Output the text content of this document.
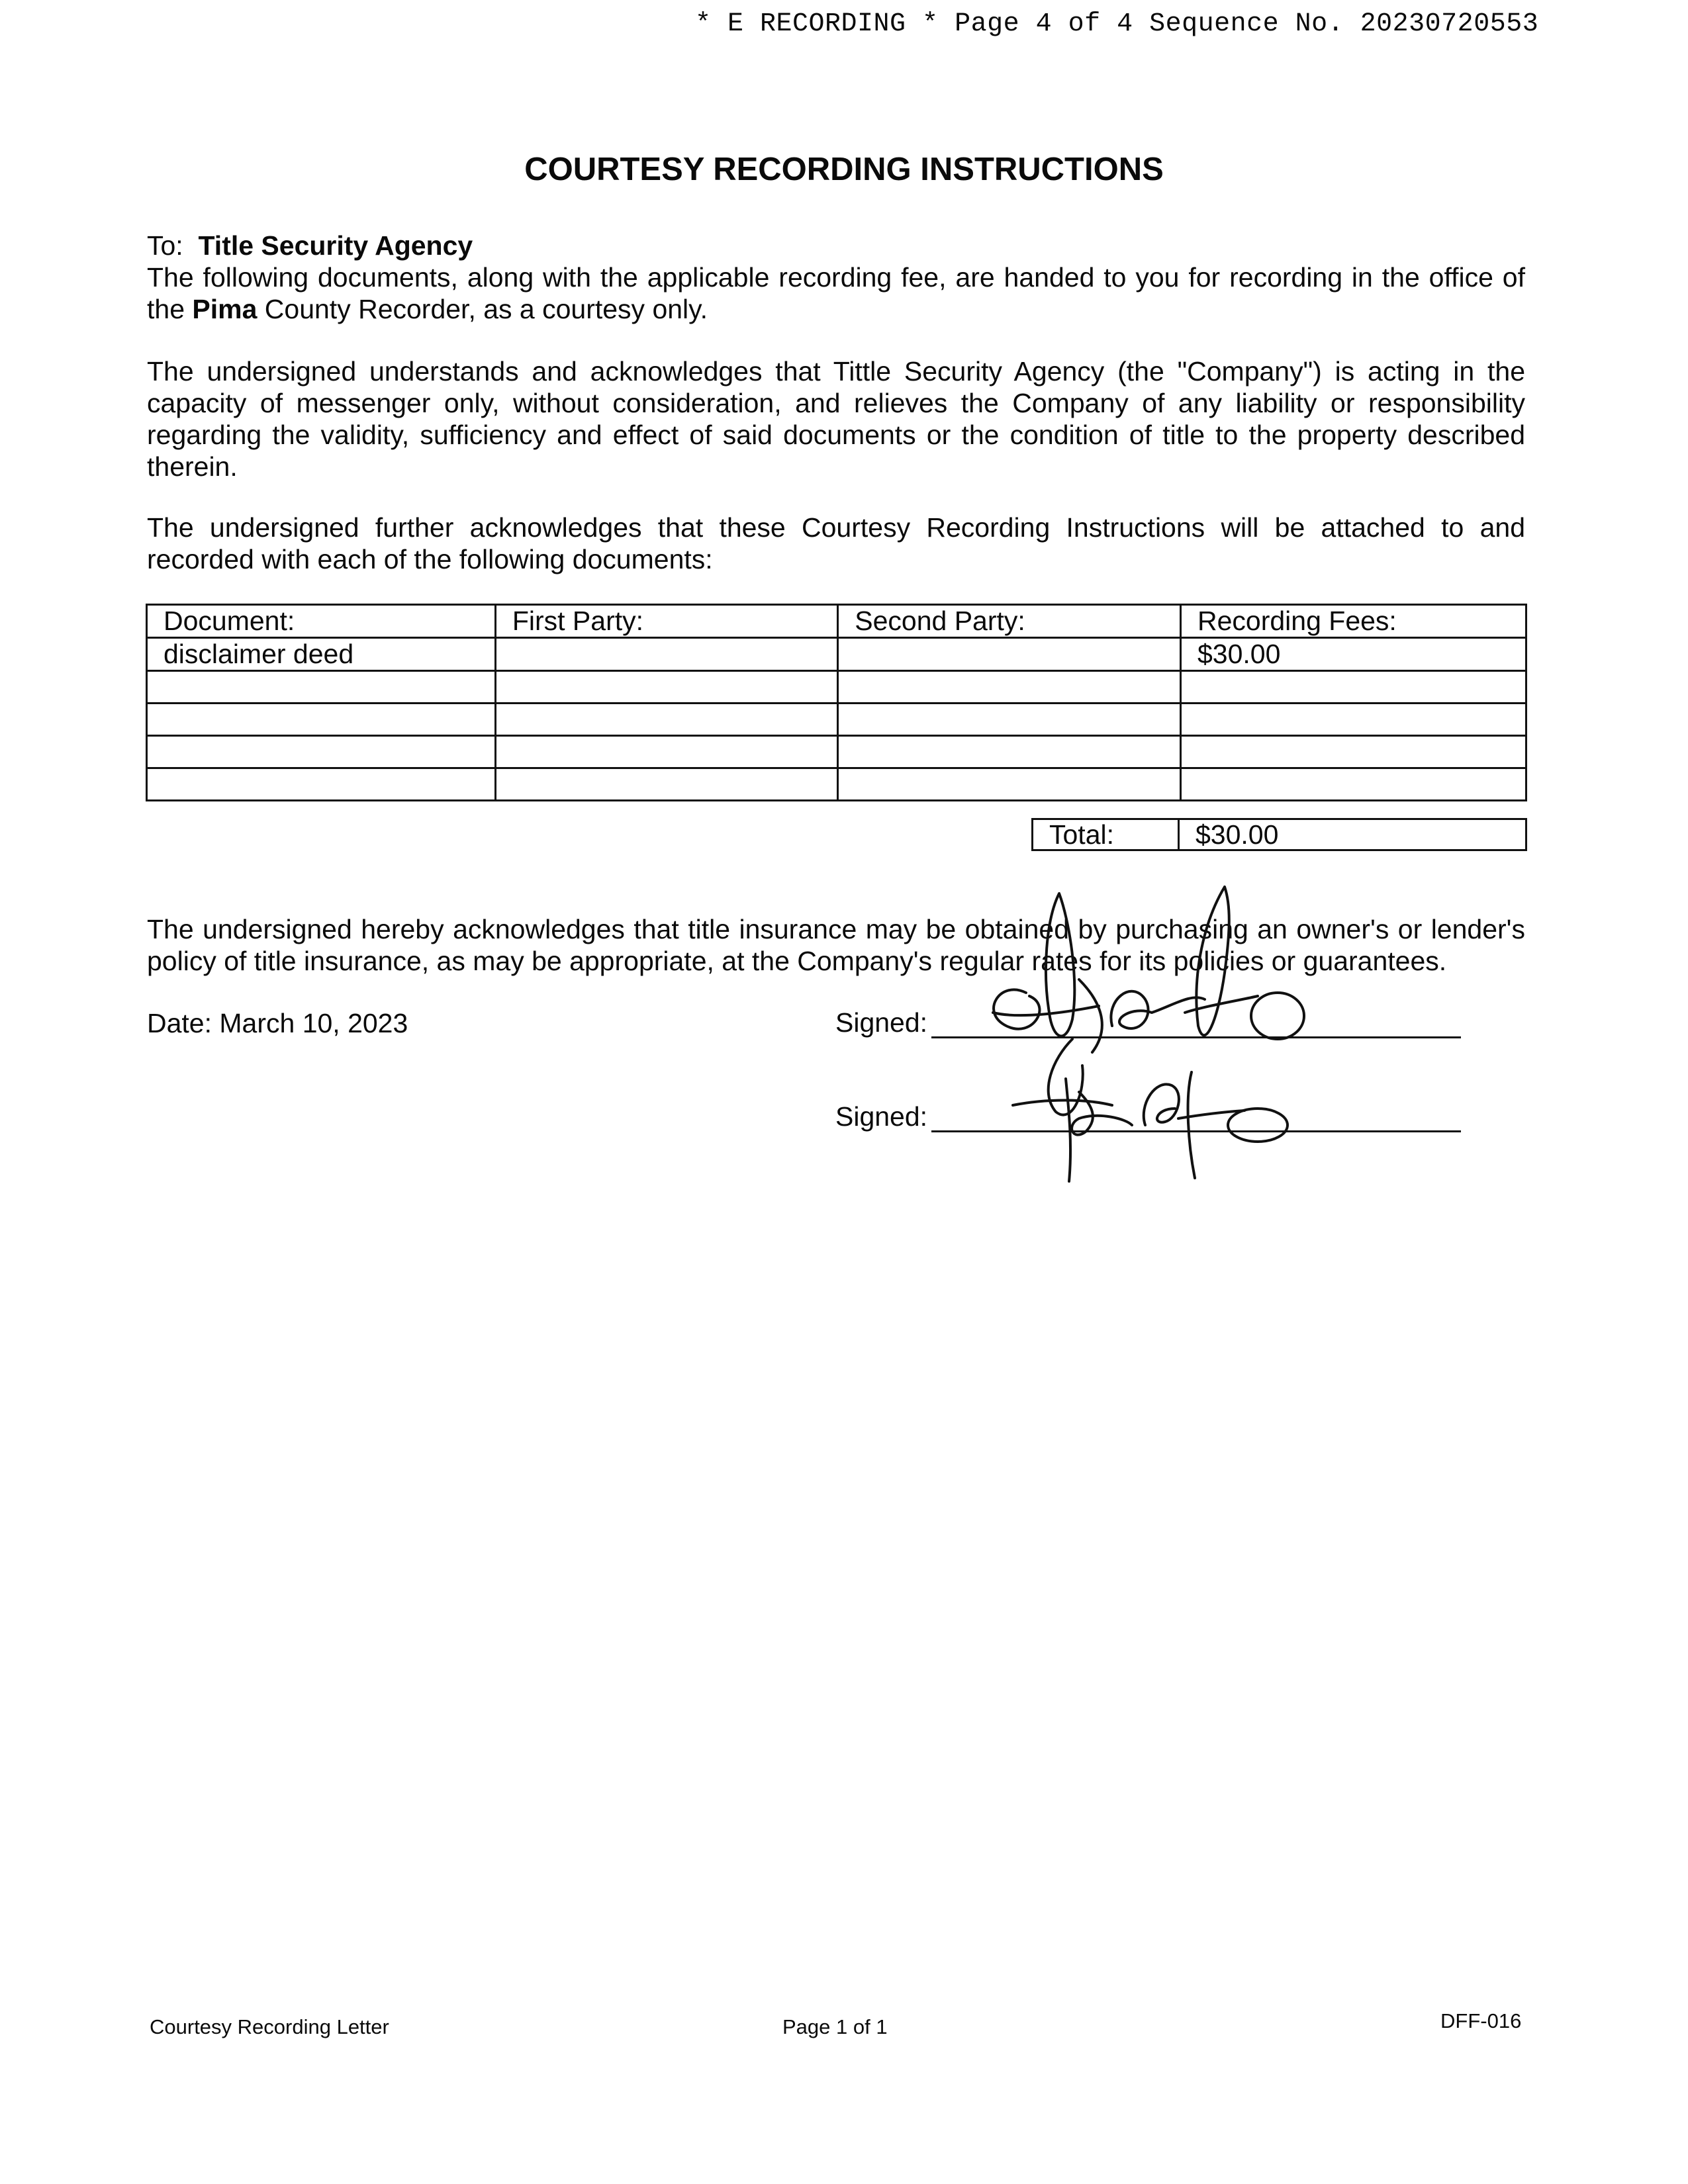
* E RECORDING * Page 4 of 4 Sequence No. 20230720553
COURTESY RECORDING INSTRUCTIONS
To: Title Security Agency
The following documents, along with the applicable recording fee, are handed to you for recording in the office of the Pima County Recorder, as a courtesy only.
The undersigned understands and acknowledges that Tittle Security Agency (the "Company") is acting in the capacity of messenger only, without consideration, and relieves the Company of any liability or responsibility regarding the validity, sufficiency and effect of said documents or the condition of title to the property described therein.
The undersigned further acknowledges that these Courtesy Recording Instructions will be attached to and recorded with each of the following documents:
Document:	First Party:	Second Party:	Recording Fees:
disclaimer deed			$30.00

Total:	$30.00
The undersigned hereby acknowledges that title insurance may be obtained by purchasing an owner's or lender's policy of title insurance, as may be appropriate, at the Company's regular rates for its policies or guarantees.
Date: March 10, 2023	Signed:
Signed:
Courtesy Recording Letter	Page 1 of 1	DFF-016
